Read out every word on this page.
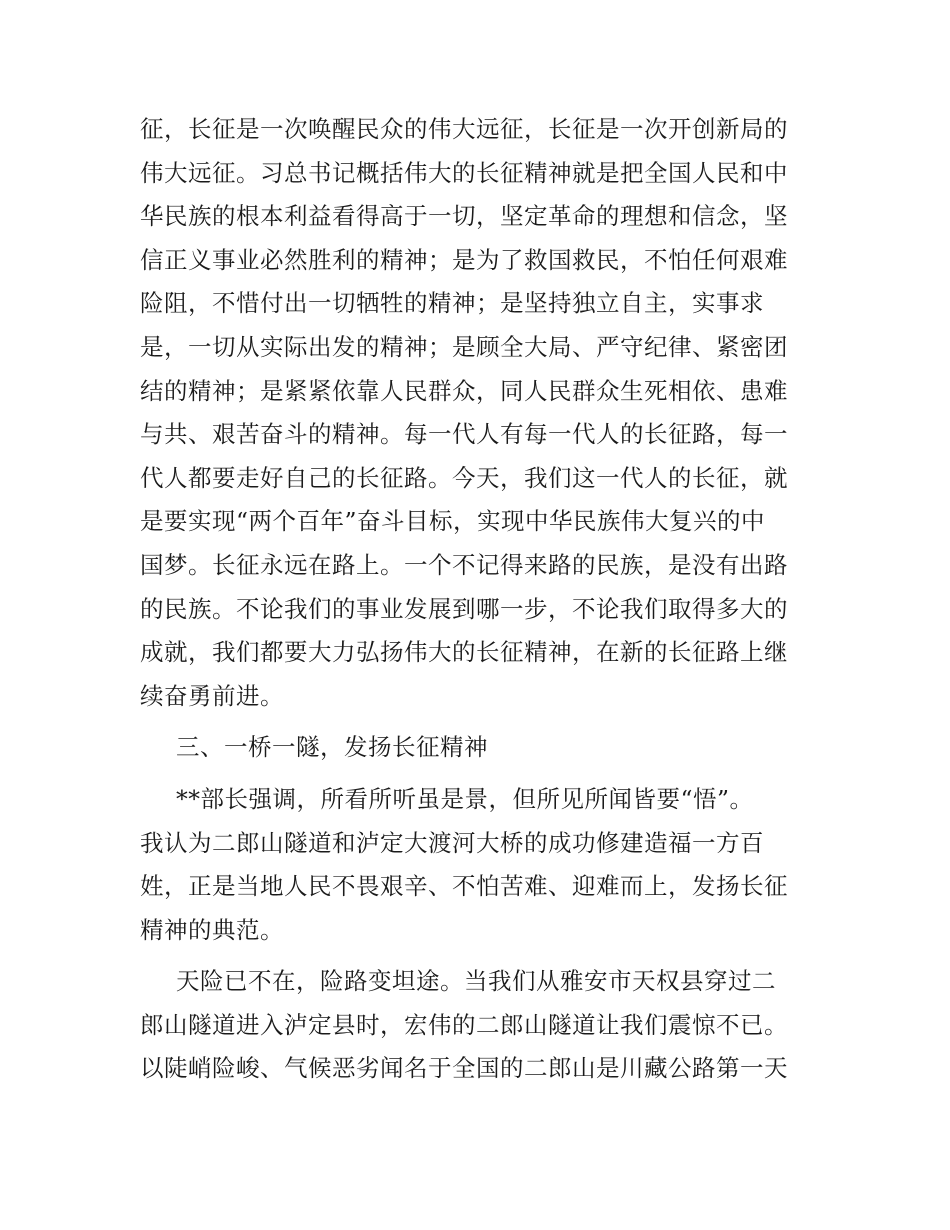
征，长征是一次唤醒民众的伟大远征，长征是一次开创新局的
伟大远征。习总书记概括伟大的长征精神就是把全国人民和中
华民族的根本利益看得高于一切，坚定革命的理想和信念，坚
信正义事业必然胜利的精神；是为了救国救民，不怕任何艰难
险阻，不惜付出一切牺牲的精神；是坚持独立自主，实事求
是，一切从实际出发的精神；是顾全大局、严守纪律、紧密团
结的精神；是紧紧依靠人民群众，同人民群众生死相依、患难
与共、艰苦奋斗的精神。每一代人有每一代人的长征路，每一
代人都要走好自己的长征路。今天，我们这一代人的长征，就
是要实现“两个百年”奋斗目标，实现中华民族伟大复兴的中
国梦。长征永远在路上。一个不记得来路的民族，是没有出路
的民族。不论我们的事业发展到哪一步，不论我们取得多大的
成就，我们都要大力弘扬伟大的长征精神，在新的长征路上继
续奋勇前进。
三、一桥一隧，发扬长征精神
**部长强调，所看所听虽是景，但所见所闻皆要“悟”。
我认为二郎山隧道和泸定大渡河大桥的成功修建造福一方百
姓，正是当地人民不畏艰辛、不怕苦难、迎难而上，发扬长征
精神的典范。
天险已不在，险路变坦途。当我们从雅安市天权县穿过二
郎山隧道进入泸定县时，宏伟的二郎山隧道让我们震惊不已。
以陡峭险峻、气候恶劣闻名于全国的二郎山是川藏公路第一天
